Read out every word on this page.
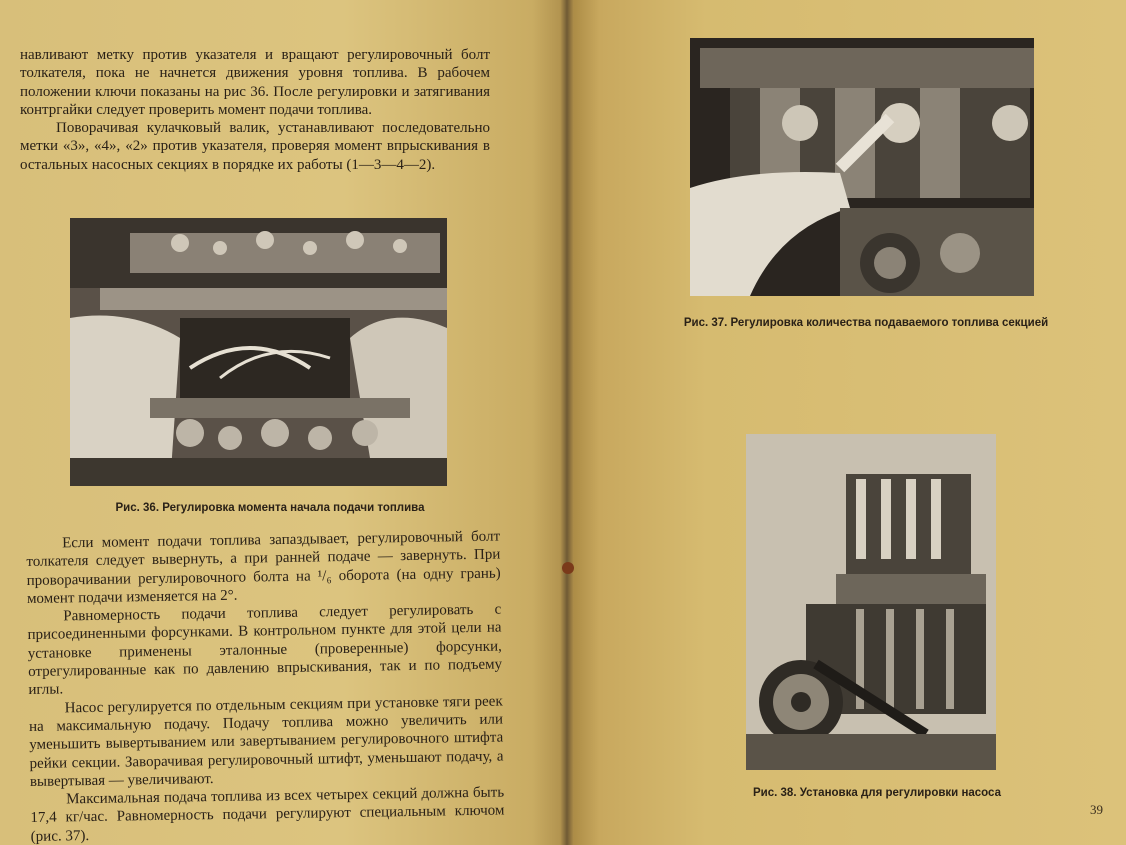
навливают метку против указателя и вращают регулировочный болт толкателя, пока не начнется движения уровня топлива. В рабочем положении ключи показаны на рис 36. После регулировки и затягивания контргайки следует проверить момент подачи топлива.

Поворачивая кулачковый валик, устанавливают последовательно метки «3», «4», «2» против указателя, проверяя момент впрыскивания в остальных насосных секциях в порядке их работы (1—3—4—2).

Рис. 36. Регулировка момента начала подачи топлива

Если момент подачи топлива запаздывает, регулировочный болт толкателя следует вывернуть, а при ранней подаче — завернуть. При проворачивании регулировочного болта на ¹/₆ оборота (на одну грань) момент подачи изменяется на 2°.

Равномерность подачи топлива следует регулировать с присоединенными форсунками. В контрольном пункте для этой цели на установке применены эталонные (проверенные) форсунки, отрегулированные как по давлению впрыскивания, так и по подъему иглы.

Насос регулируется по отдельным секциям при установке тяги реек на максимальную подачу. Подачу топлива можно увеличить или уменьшить вывертыванием или завертыванием регулировочного штифта рейки секции. Заворачивая регулировочный штифт, уменьшают подачу, а вывертывая — увеличивают.

Максимальная подача топлива из всех четырех секций должна быть 17,4 кг/час. Равномерность подачи регулируют специальным ключом (рис. 37).

Рис. 37. Регулировка количества подаваемого топлива секцией
Рис. 38. Установка для регулировки насоса
39
